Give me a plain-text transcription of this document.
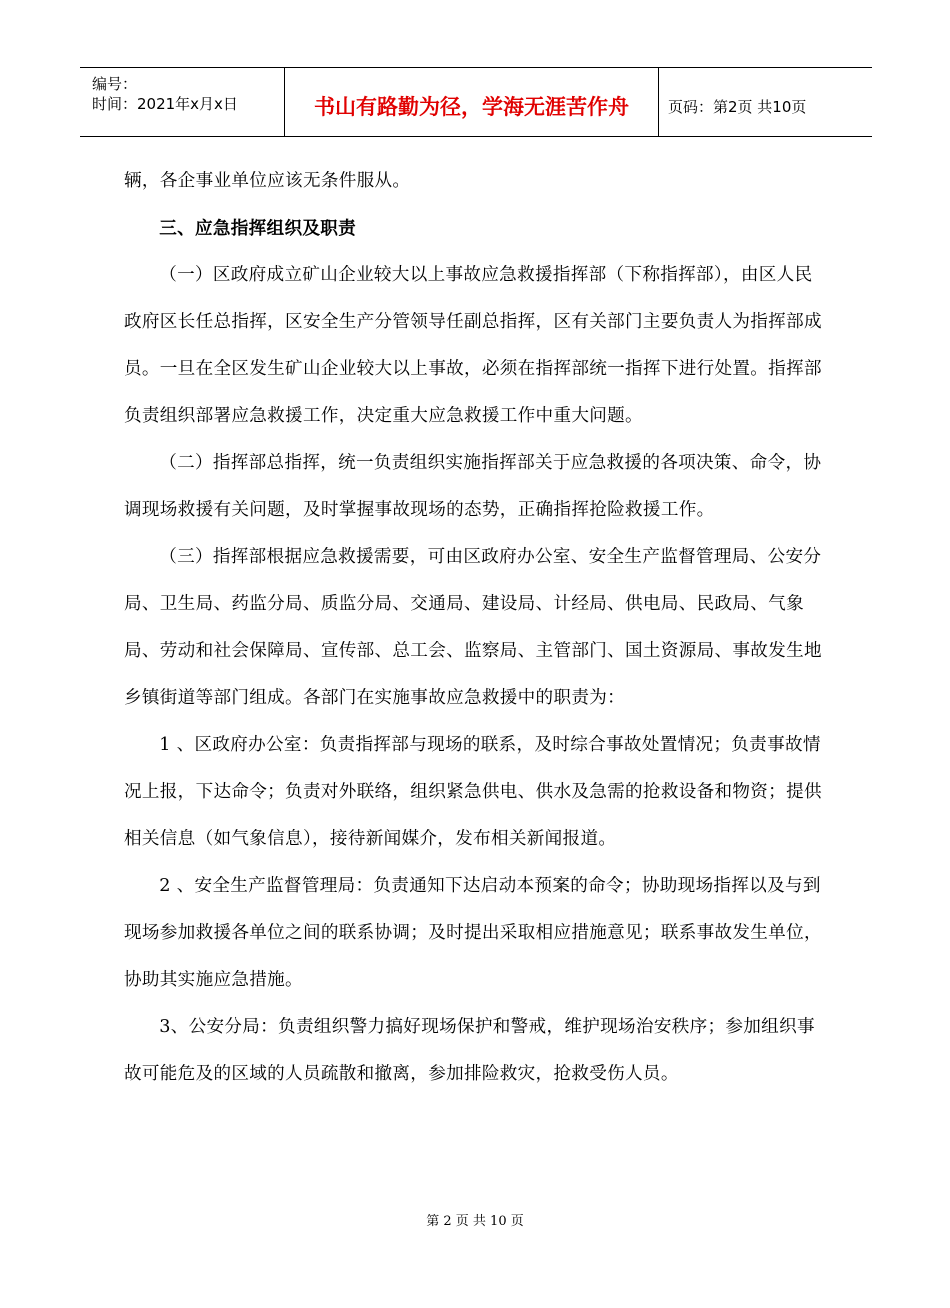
编号：
时间：2021年x月x日	书山有路勤为径，学海无涯苦作舟	页码：第2页 共10页

辆，各企事业单位应该无条件服从。

三、应急指挥组织及职责

（一）区政府成立矿山企业较大以上事故应急救援指挥部（下称指挥部），由区人民政府区长任总指挥，区安全生产分管领导任副总指挥，区有关部门主要负责人为指挥部成员。一旦在全区发生矿山企业较大以上事故，必须在指挥部统一指挥下进行处置。指挥部负责组织部署应急救援工作，决定重大应急救援工作中重大问题。

（二）指挥部总指挥，统一负责组织实施指挥部关于应急救援的各项决策、命令，协调现场救援有关问题，及时掌握事故现场的态势，正确指挥抢险救援工作。

（三）指挥部根据应急救援需要，可由区政府办公室、安全生产监督管理局、公安分局、卫生局、药监分局、质监分局、交通局、建设局、计经局、供电局、民政局、气象局、劳动和社会保障局、宣传部、总工会、监察局、主管部门、国土资源局、事故发生地乡镇街道等部门组成。各部门在实施事故应急救援中的职责为：

1 、区政府办公室：负责指挥部与现场的联系，及时综合事故处置情况；负责事故情况上报，下达命令；负责对外联络，组织紧急供电、供水及急需的抢救设备和物资；提供相关信息（如气象信息），接待新闻媒介，发布相关新闻报道。

2 、安全生产监督管理局：负责通知下达启动本预案的命令；协助现场指挥以及与到现场参加救援各单位之间的联系协调；及时提出采取相应措施意见；联系事故发生单位，协助其实施应急措施。

3、公安分局：负责组织警力搞好现场保护和警戒，维护现场治安秩序；参加组织事故可能危及的区域的人员疏散和撤离，参加排险救灾，抢救受伤人员。

第 2 页 共 10 页
